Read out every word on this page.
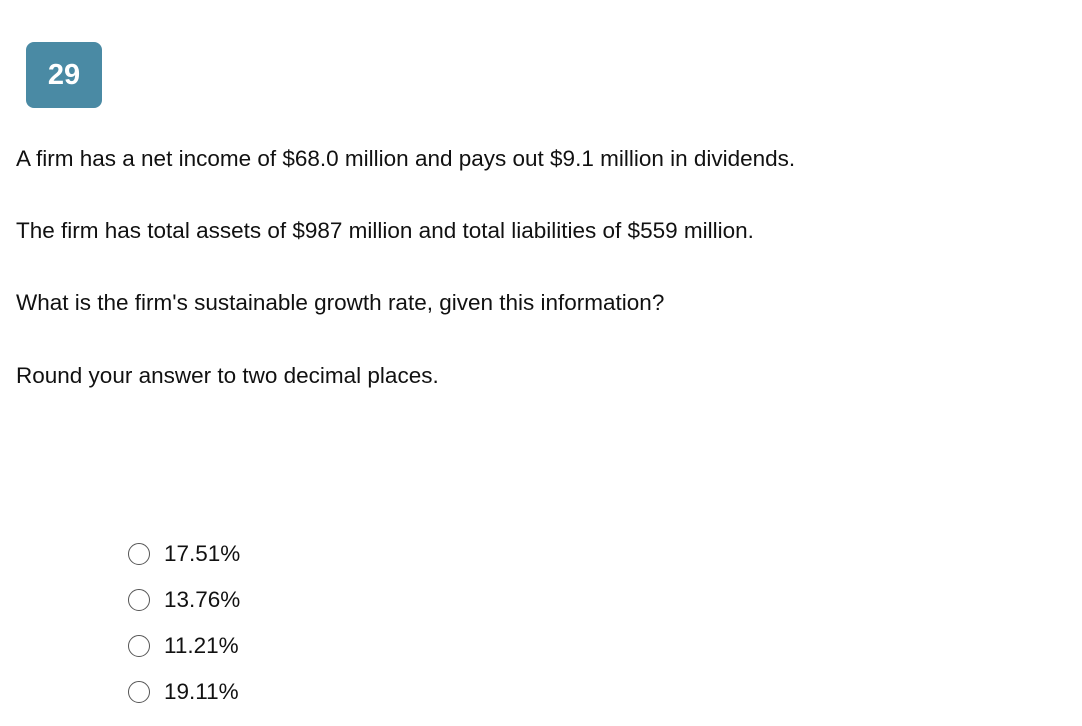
29

A firm has a net income of $68.0 million and pays out $9.1 million in dividends.

The firm has total assets of $987 million and total liabilities of $559 million.

What is the firm's sustainable growth rate, given this information?

Round your answer to two decimal places.

17.51%
13.76%
11.21%
19.11%
